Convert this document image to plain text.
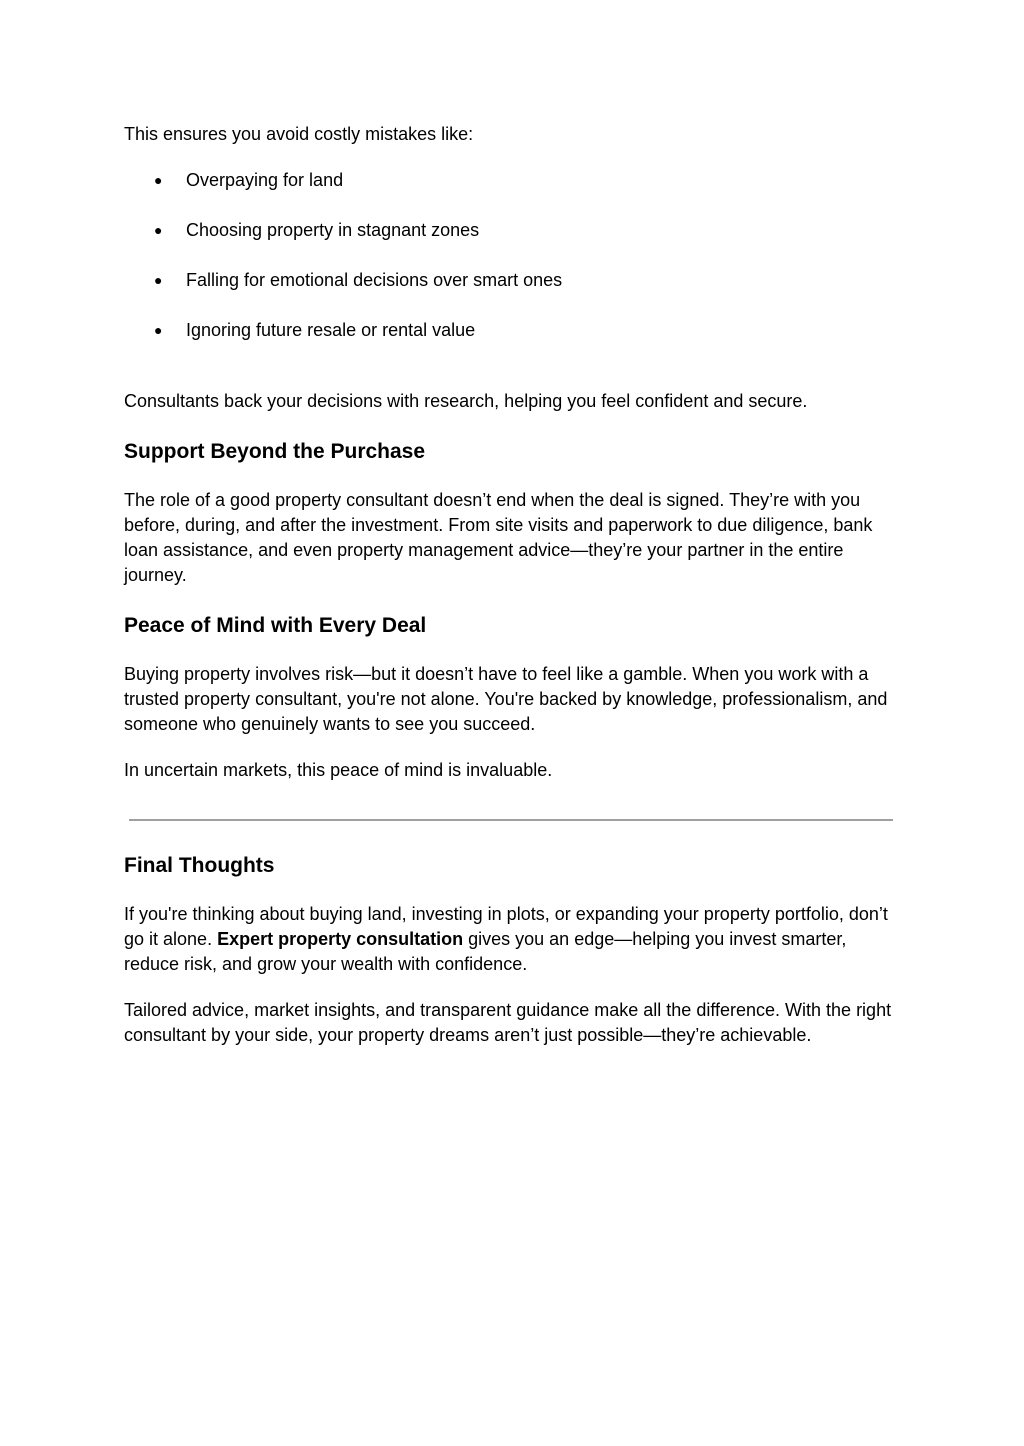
This ensures you avoid costly mistakes like:

● Overpaying for land
● Choosing property in stagnant zones
● Falling for emotional decisions over smart ones
● Ignoring future resale or rental value

Consultants back your decisions with research, helping you feel confident and secure.

Support Beyond the Purchase

The role of a good property consultant doesn’t end when the deal is signed. They’re with you before, during, and after the investment. From site visits and paperwork to due diligence, bank loan assistance, and even property management advice—they’re your partner in the entire journey.

Peace of Mind with Every Deal

Buying property involves risk—but it doesn’t have to feel like a gamble. When you work with a trusted property consultant, you're not alone. You're backed by knowledge, professionalism, and someone who genuinely wants to see you succeed.

In uncertain markets, this peace of mind is invaluable.

Final Thoughts

If you're thinking about buying land, investing in plots, or expanding your property portfolio, don’t go it alone. Expert property consultation gives you an edge—helping you invest smarter, reduce risk, and grow your wealth with confidence.

Tailored advice, market insights, and transparent guidance make all the difference. With the right consultant by your side, your property dreams aren’t just possible—they’re achievable.
